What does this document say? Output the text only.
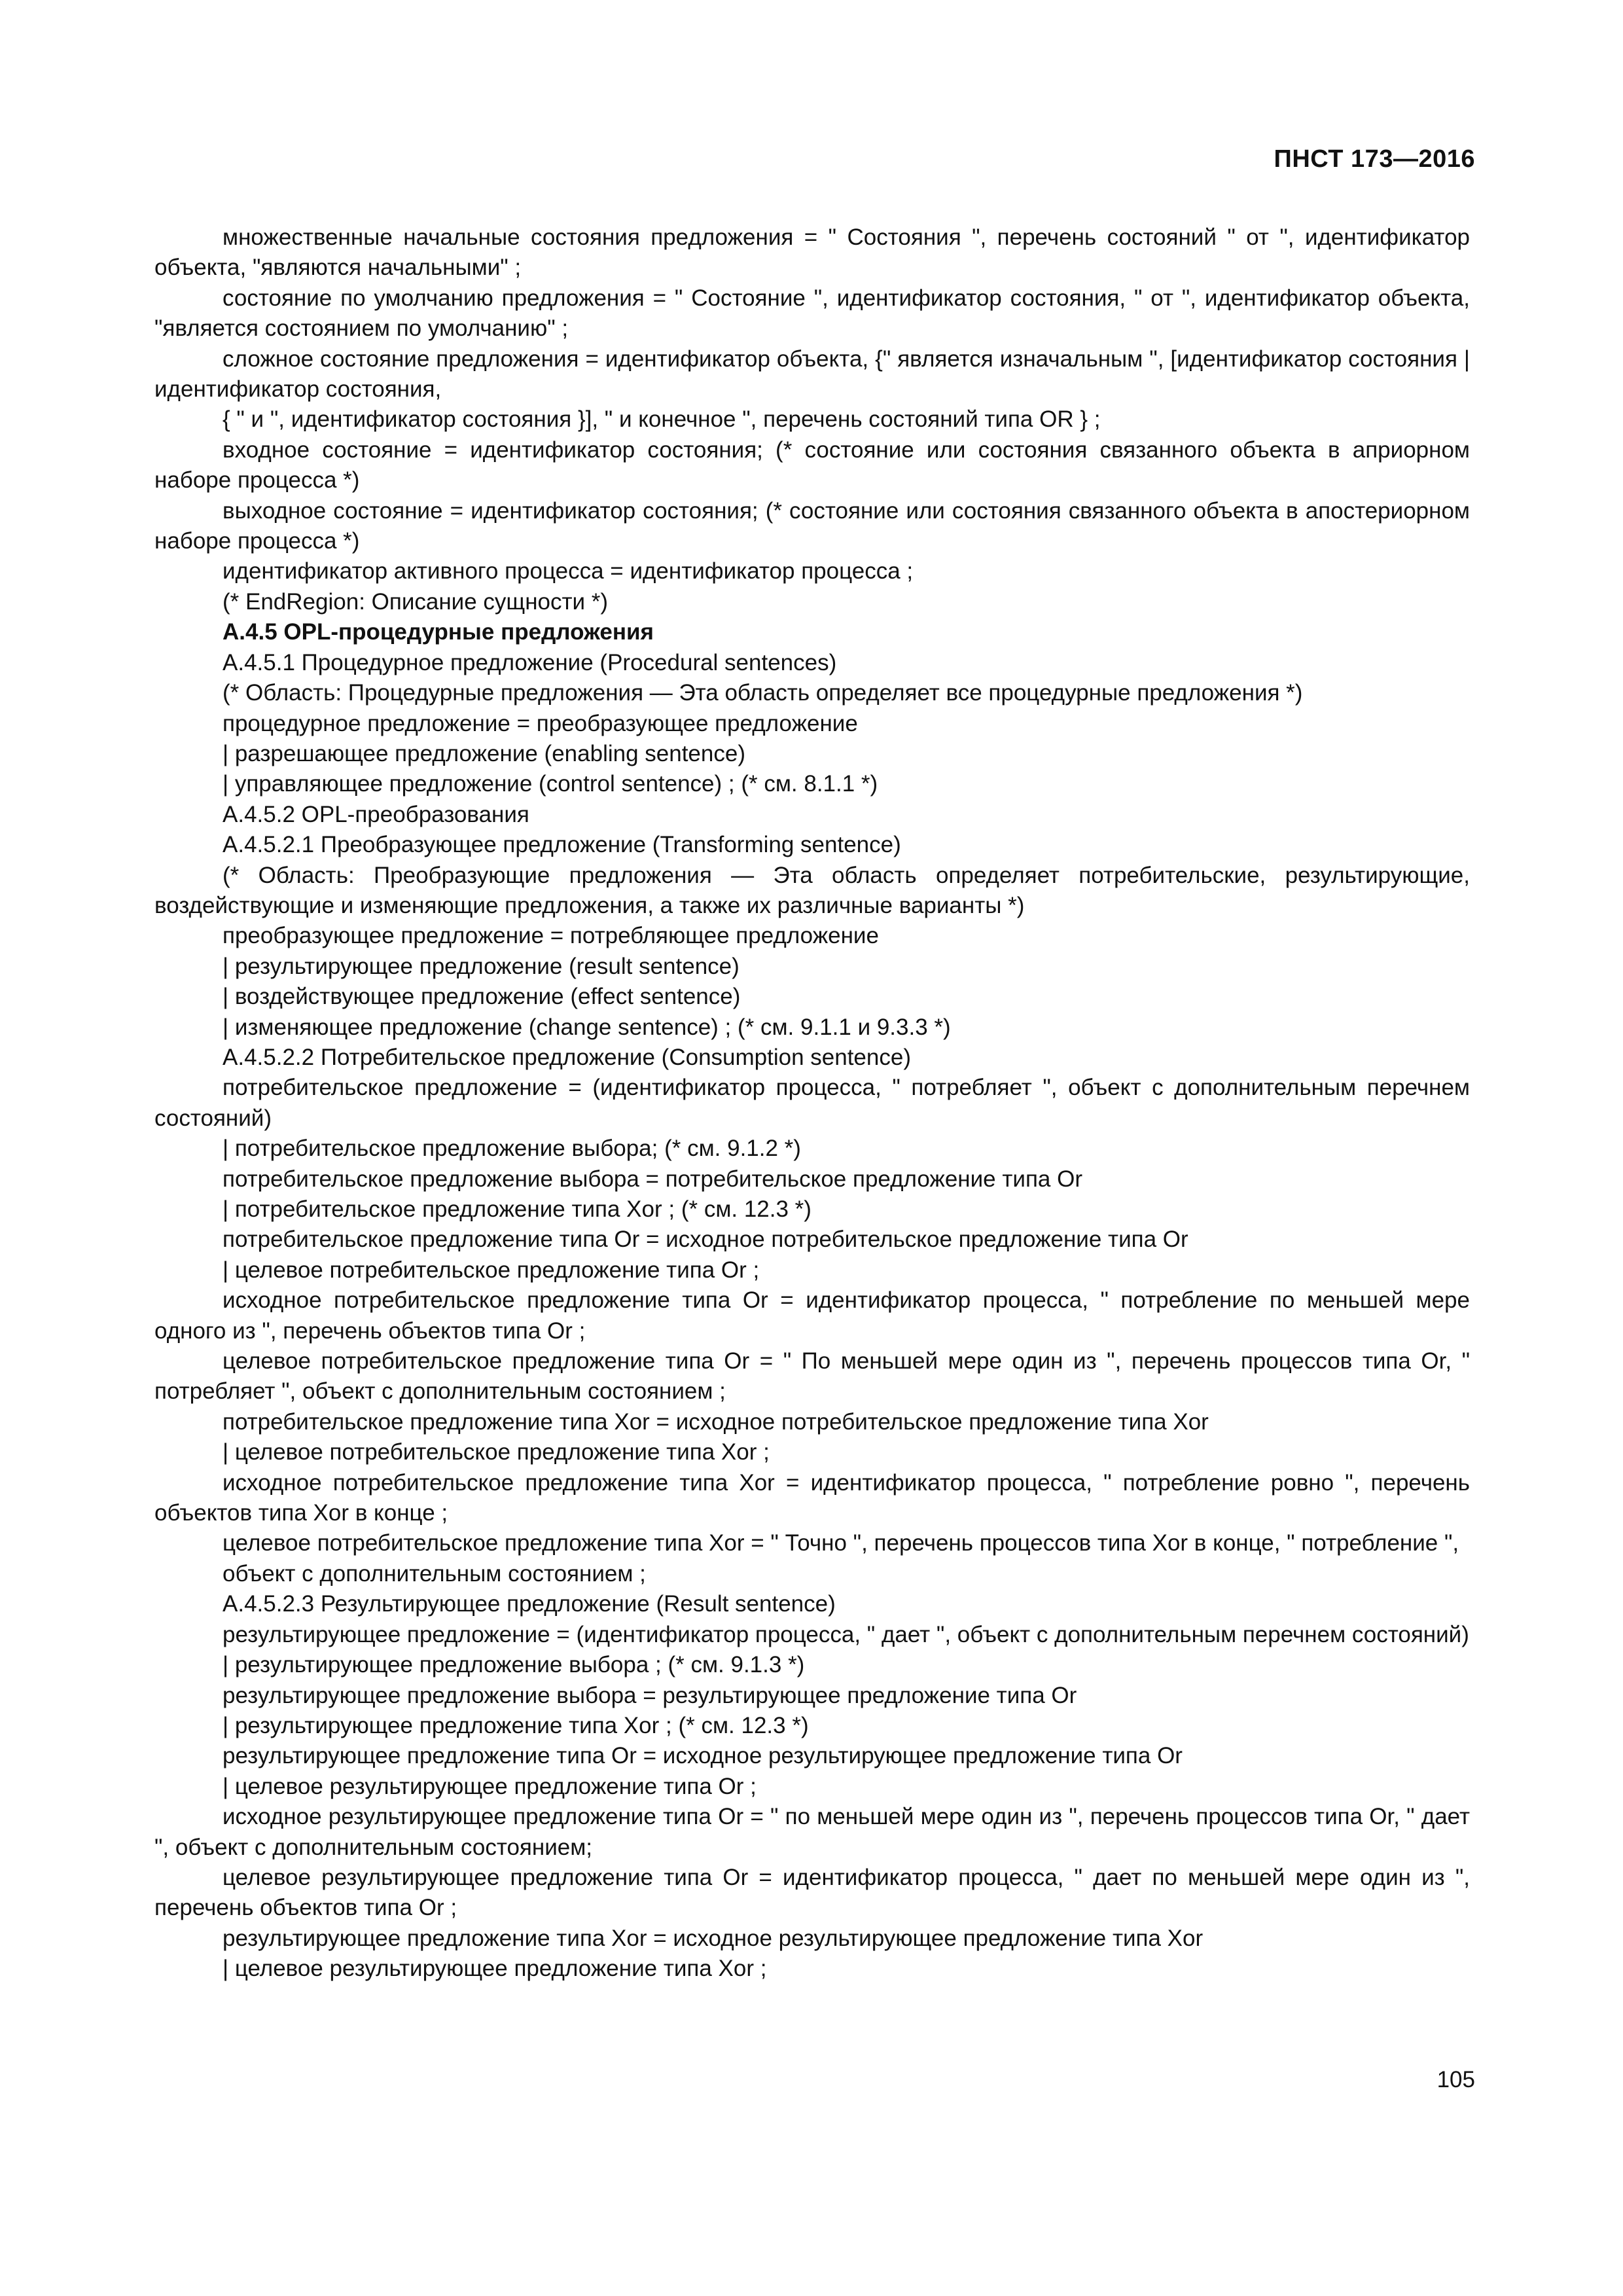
ПНСТ 173—2016

множественные начальные состояния предложения = " Состояния ", перечень состояний " от ", идентификатор объекта, "являются начальными" ;

состояние по умолчанию предложения = " Состояние ", идентификатор состояния, " от ", идентификатор объекта, "является состоянием по умолчанию" ;

сложное состояние предложения = идентификатор объекта, {" является изначальным ", [идентификатор состояния | идентификатор состояния,

{ " и ", идентификатор состояния }], " и конечное ", перечень состояний типа OR } ;

входное состояние = идентификатор состояния; (* состояние или состояния связанного объекта в априорном наборе процесса *)

выходное состояние = идентификатор состояния; (* состояние или состояния связанного объекта в апостериорном наборе процесса *)

идентификатор активного процесса = идентификатор процесса ;

(* EndRegion: Описание сущности *)

А.4.5 OPL-процедурные предложения

А.4.5.1 Процедурное предложение (Procedural sentences)

(* Область: Процедурные предложения — Эта область определяет все процедурные предложения *)

процедурное предложение = преобразующее предложение

| разрешающее предложение (enabling sentence)

| управляющее предложение (control sentence) ; (* см. 8.1.1 *)

А.4.5.2 OPL-преобразования

А.4.5.2.1 Преобразующее предложение (Transforming sentence)

(* Область: Преобразующие предложения — Эта область определяет потребительские, результирующие, воздействующие и изменяющие предложения, а также их различные варианты *)

преобразующее предложение = потребляющее предложение

| результирующее предложение (result sentence)

| воздействующее предложение (effect sentence)

| изменяющее предложение (change sentence) ; (* см. 9.1.1 и 9.3.3 *)

А.4.5.2.2 Потребительское предложение (Consumption sentence)

потребительское предложение = (идентификатор процесса, " потребляет ", объект с дополнительным перечнем состояний)

| потребительское предложение выбора; (* см. 9.1.2 *)

потребительское предложение выбора = потребительское предложение типа Or

| потребительское предложение типа Xor ; (* см. 12.3 *)

потребительское предложение типа Or = исходное потребительское предложение типа Or

| целевое потребительское предложение типа Or ;

исходное потребительское предложение типа Or = идентификатор процесса, " потребление по меньшей мере одного из ", перечень объектов типа Or ;

целевое потребительское предложение типа Or = " По меньшей мере один из ", перечень процессов типа Or, " потребляет ", объект с дополнительным состоянием ;

потребительское предложение типа Xor = исходное потребительское предложение типа Xor

| целевое потребительское предложение типа Xor ;

исходное потребительское предложение типа Xor = идентификатор процесса, " потребление ровно ", перечень объектов типа Xor в конце ;

целевое потребительское предложение типа Xor = " Точно ", перечень процессов типа Xor в конце, " потребление ",

объект с дополнительным состоянием ;

А.4.5.2.3 Результирующее предложение (Result sentence)

результирующее предложение = (идентификатор процесса, " дает ", объект с дополнительным перечнем состояний)

| результирующее предложение выбора ; (* см. 9.1.3 *)

результирующее предложение выбора = результирующее предложение типа Or

| результирующее предложение типа Xor ; (* см. 12.3 *)

результирующее предложение типа Or = исходное результирующее предложение типа Or

| целевое результирующее предложение типа Or ;

исходное результирующее предложение типа Or = " по меньшей мере один из ", перечень процессов типа Or, " дает ", объект с дополнительным состоянием;

целевое результирующее предложение типа Or = идентификатор процесса, " дает по меньшей мере один из ", перечень объектов типа Or ;

результирующее предложение типа Xor = исходное результирующее предложение типа Xor

| целевое результирующее предложение типа Xor ;

105
